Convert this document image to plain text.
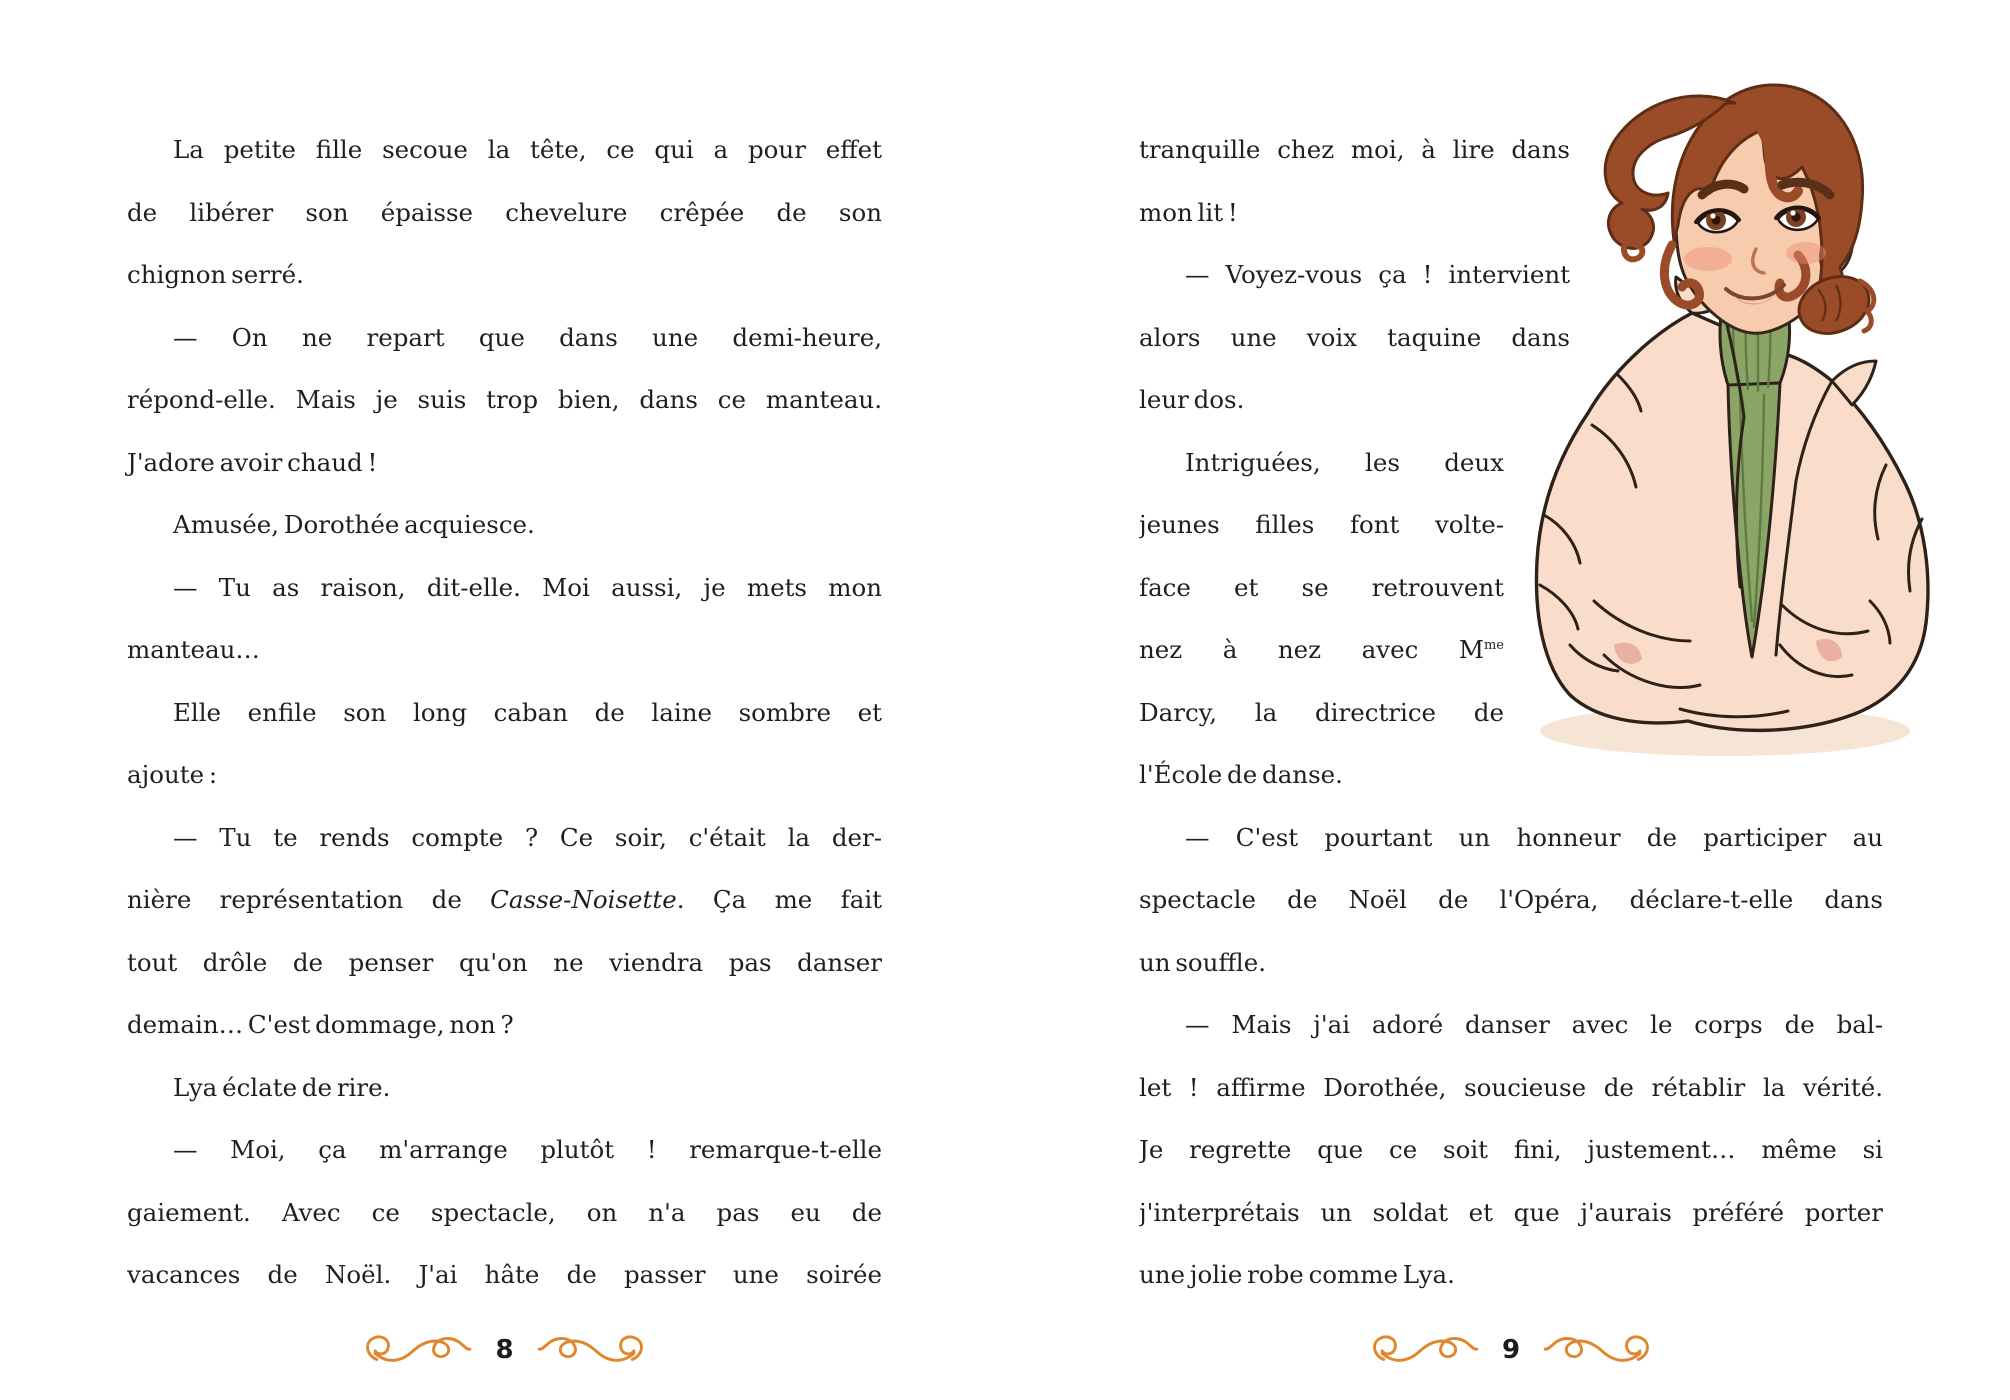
La petite fille secoue la tête, ce qui a pour effet
de libérer son épaisse chevelure crêpée de son
chignon serré.
— On ne repart que dans une demi-heure,
répond-elle. Mais je suis trop bien, dans ce manteau.
J'adore avoir chaud !
Amusée, Dorothée acquiesce.
— Tu as raison, dit-elle. Moi aussi, je mets mon
manteau…
Elle enfile son long caban de laine sombre et
ajoute :
— Tu te rends compte ? Ce soir, c'était la der-
nière représentation de Casse-Noisette. Ça me fait
tout drôle de penser qu'on ne viendra pas danser
demain… C'est dommage, non ?
Lya éclate de rire.
— Moi, ça m'arrange plutôt ! remarque-t-elle
gaiement. Avec ce spectacle, on n'a pas eu de
vacances de Noël. J'ai hâte de passer une soirée
tranquille chez moi, à lire dans
mon lit !
— Voyez-vous ça ! intervient
alors une voix taquine dans
leur dos.
Intriguées, les deux
jeunes filles font volte-
face et se retrouvent
nez à nez avec $M^{me}$
Darcy, la directrice de
l'École de danse.
— C'est pourtant un honneur de participer au
spectacle de Noël de l'Opéra, déclare-t-elle dans
un souffle.
— Mais j'ai adoré danser avec le corps de bal-
let ! affirme Dorothée, soucieuse de rétablir la vérité.
Je regrette que ce soit fini, justement… même si
j'interprétais un soldat et que j'aurais préféré porter
une jolie robe comme Lya.
8	9
